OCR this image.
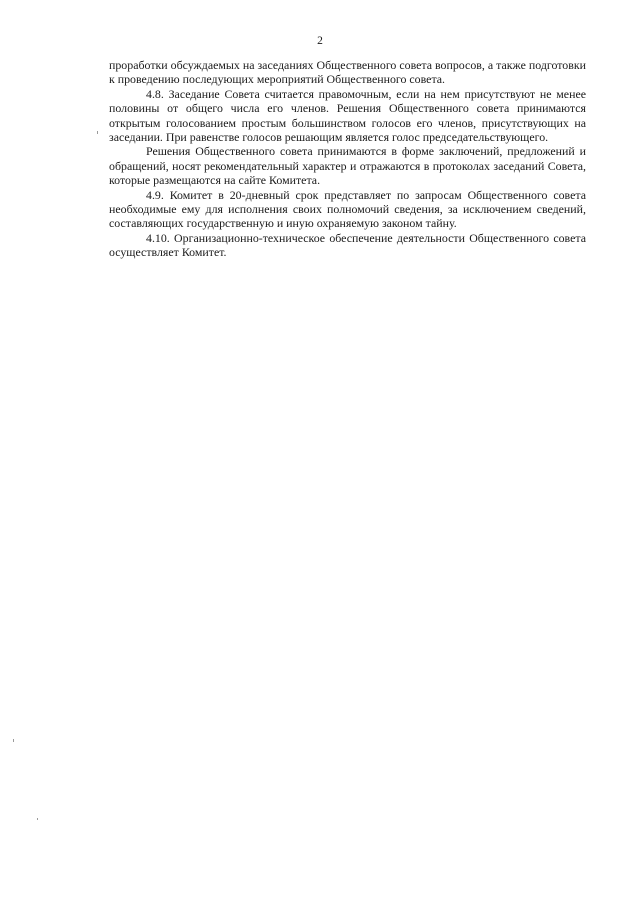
2

проработки обсуждаемых на заседаниях Общественного совета вопросов, а также подготовки к проведению последующих мероприятий Общественного совета.

4.8. Заседание Совета считается правомочным, если на нем присутствуют не менее половины от общего числа его членов. Решения Общественного совета принимаются открытым голосованием простым большинством голосов его членов, присутствующих на заседании. При равенстве голосов решающим является голос председательствующего.

Решения Общественного совета принимаются в форме заключений, предложений и обращений, носят рекомендательный характер и отражаются в протоколах заседаний Совета, которые размещаются на сайте Комитета.

4.9. Комитет в 20-дневный срок представляет по запросам Общественного совета необходимые ему для исполнения своих полномочий сведения, за исключением сведений, составляющих государственную и иную охраняемую законом тайну.

4.10. Организационно-техническое обеспечение деятельности Общественного совета осуществляет Комитет.
